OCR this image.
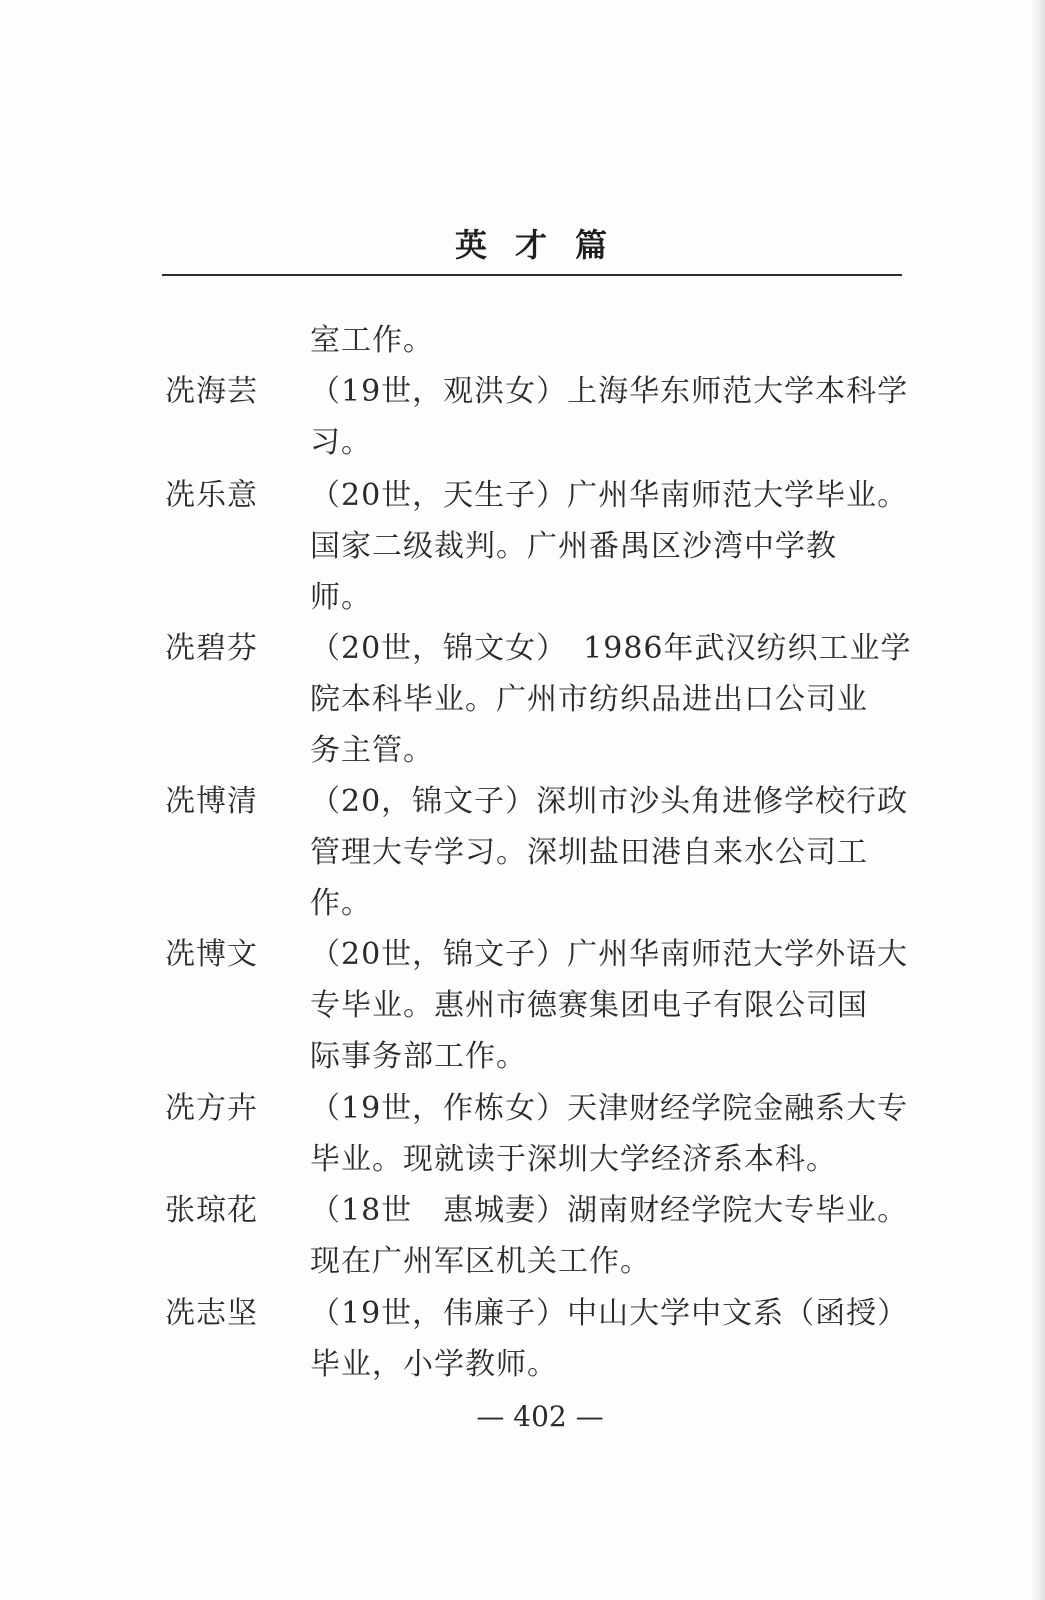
英才篇
室工作。
冼海芸	（19世，观洪女）上海华东师范大学本科学
习。
冼乐意	（20世，天生子）广州华南师范大学毕业。
国家二级裁判。广州番禺区沙湾中学教
师。
冼碧芬	（20世，锦文女）　1986年武汉纺织工业学
院本科毕业。广州市纺织品进出口公司业
务主管。
冼博清	（20，锦文子）深圳市沙头角进修学校行政
管理大专学习。深圳盐田港自来水公司工
作。
冼博文	（20世，锦文子）广州华南师范大学外语大
专毕业。惠州市德赛集团电子有限公司国
际事务部工作。
冼方卉	（19世，作栋女）天津财经学院金融系大专
毕业。现就读于深圳大学经济系本科。
张琼花	（18世　惠城妻）湖南财经学院大专毕业。
现在广州军区机关工作。
冼志坚	（19世，伟廉子）中山大学中文系（函授）
毕业，小学教师。
— 402 —
